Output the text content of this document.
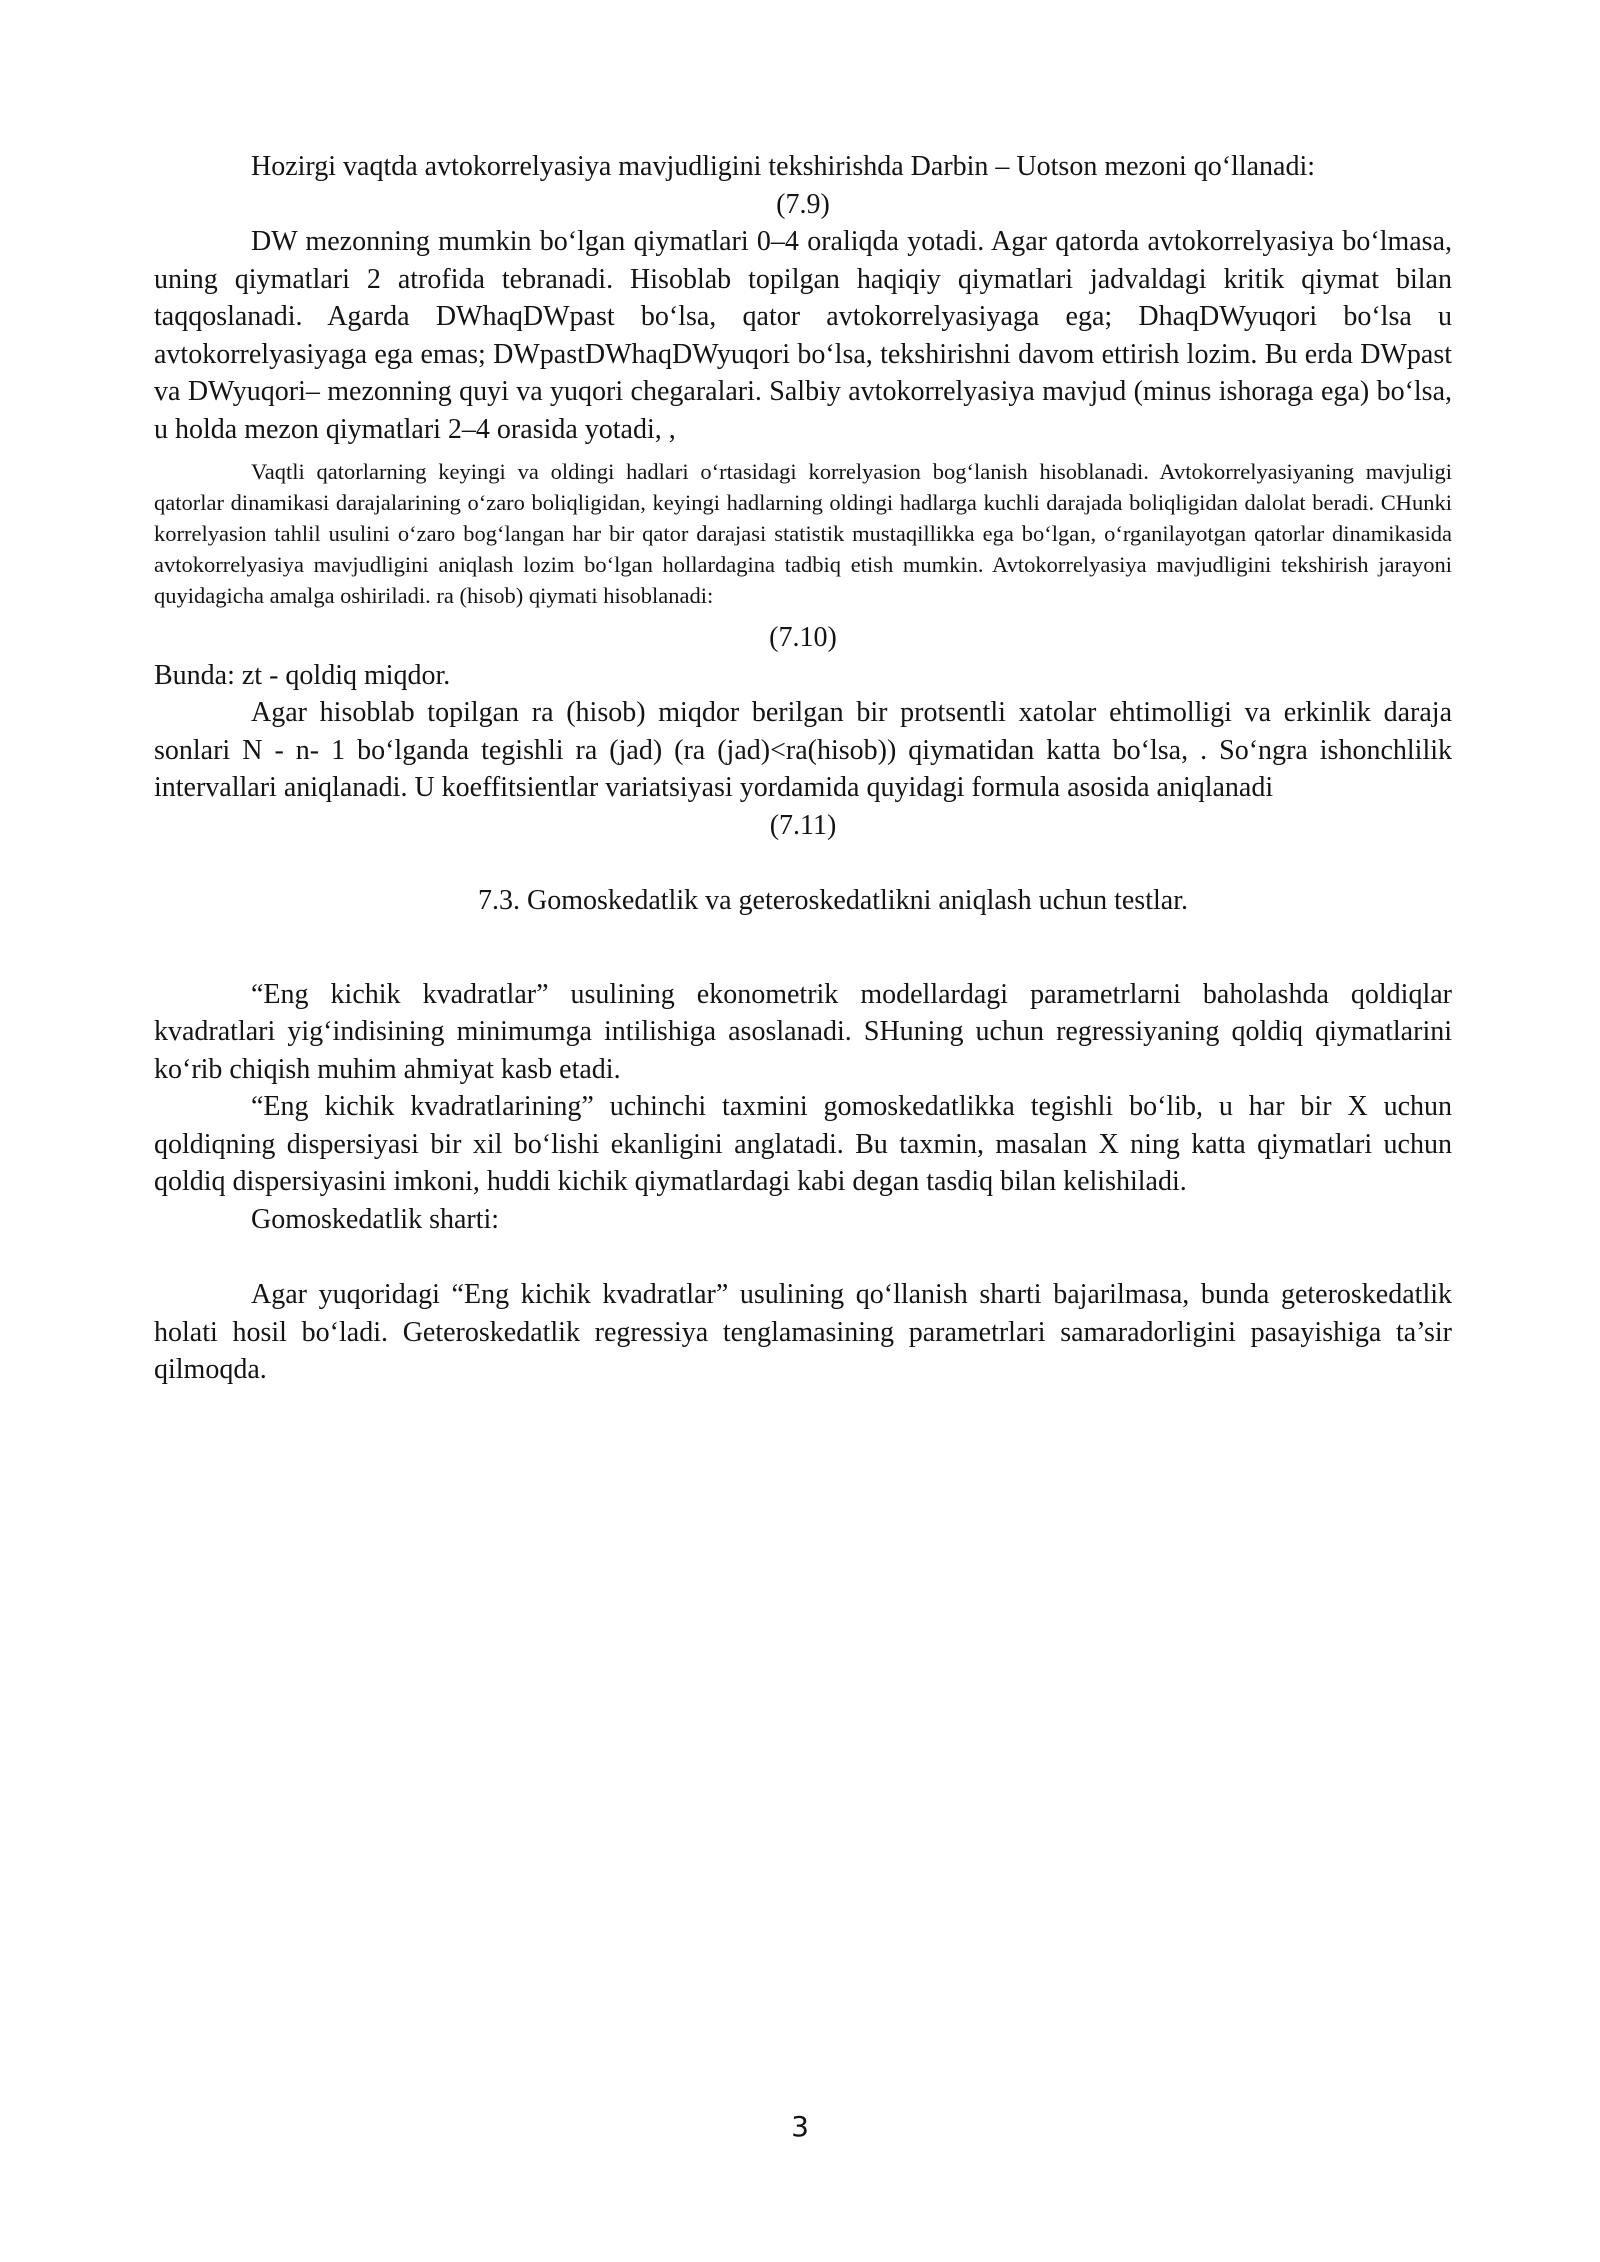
Hozirgi vaqtda avtokorrelyasiya mavjudligini tekshirishda Darbin – Uotson mezoni qo‘llanadi:

(7.9)

DW mezonning mumkin bo‘lgan qiymatlari 0–4 oraliqda yotadi. Agar qatorda avtokorrelyasiya bo‘lmasa, uning qiymatlari 2 atrofida tebranadi. Hisoblab topilgan haqiqiy qiymatlari jadvaldagi kritik qiymat bilan taqqoslanadi. Agarda DWhaqDWpast bo‘lsa, qator avtokorrelyasiyaga ega; DhaqDWyuqori bo‘lsa u avtokorrelyasiyaga ega emas; DWpastDWhaqDWyuqori bo‘lsa, tekshirishni davom ettirish lozim. Bu erda DWpast va DWyuqori– mezonning quyi va yuqori chegaralari. Salbiy avtokorrelyasiya mavjud (minus ishoraga ega) bo‘lsa, u holda mezon qiymatlari 2–4 orasida yotadi, ,

Vaqtli qatorlarning keyingi va oldingi hadlari o‘rtasidagi korrelyasion bog‘lanish hisoblanadi. Avtokorrelyasiyaning mavjuligi qatorlar dinamikasi darajalarining o‘zaro boliqligidan, keyingi hadlarning oldingi hadlarga kuchli darajada boliqligidan dalolat beradi. CHunki korrelyasion tahlil usulini o‘zaro bog‘langan har bir qator darajasi statistik mustaqillikka ega bo‘lgan, o‘rganilayotgan qatorlar dinamikasida avtokorrelyasiya mavjudligini aniqlash lozim bo‘lgan hollardagina tadbiq etish mumkin. Avtokorrelyasiya mavjudligini tekshirish jarayoni quyidagicha amalga oshiriladi. ra (hisob) qiymati hisoblanadi:

(7.10)

Bunda: zt - qoldiq miqdor.

Agar hisoblab topilgan ra (hisob) miqdor berilgan bir protsentli xatolar ehtimolligi va erkinlik daraja sonlari N - n- 1 bo‘lganda tegishli ra (jad) (ra (jad)<ra(hisob)) qiymatidan katta bo‘lsa, . So‘ngra ishonchlilik intervallari aniqlanadi. U koeffitsientlar variatsiyasi yordamida quyidagi formula asosida aniqlanadi

(7.11)

7.3. Gomoskedatlik va geteroskedatlikni aniqlash uchun testlar.

“Eng kichik kvadratlar” usulining ekonometrik modellardagi parametrlarni baholashda qoldiqlar kvadratlari yig‘indisining minimumga intilishiga asoslanadi. SHuning uchun regressiyaning qoldiq qiymatlarini ko‘rib chiqish muhim ahmiyat kasb etadi.

“Eng kichik kvadratlarining” uchinchi taxmini gomoskedatlikka tegishli bo‘lib, u har bir X uchun qoldiqning dispersiyasi bir xil bo‘lishi ekanligini anglatadi. Bu taxmin, masalan X ning katta qiymatlari uchun qoldiq dispersiyasini imkoni, huddi kichik qiymatlardagi kabi degan tasdiq bilan kelishiladi.

Gomoskedatlik sharti:

Agar yuqoridagi “Eng kichik kvadratlar” usulining qo‘llanish sharti bajarilmasa, bunda geteroskedatlik holati hosil bo‘ladi. Geteroskedatlik regressiya tenglamasining parametrlari samaradorligini pasayishiga ta’sir qilmoqda.

3
